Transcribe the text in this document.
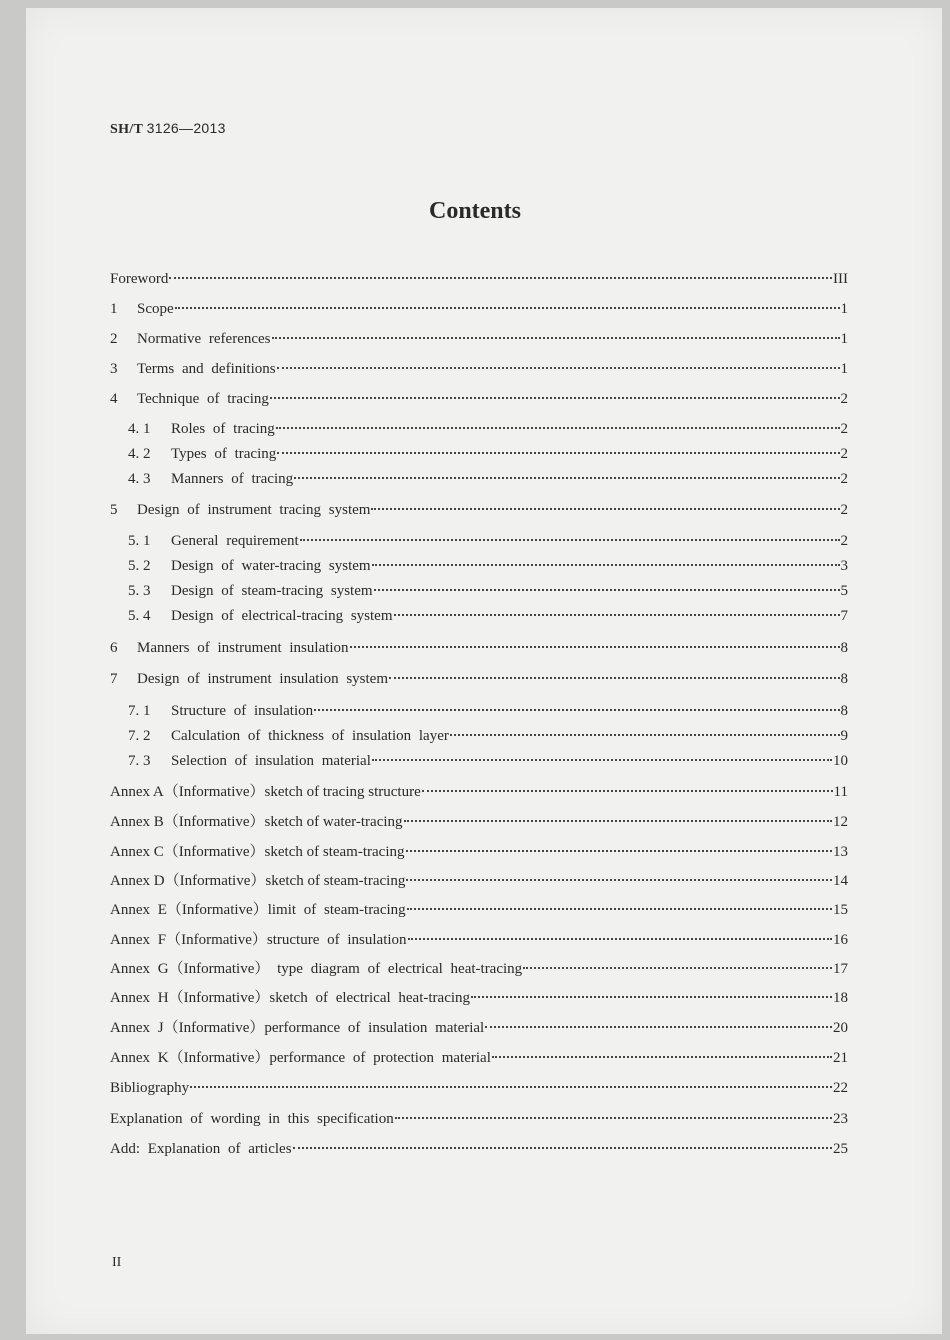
SH/T 3126—2013
Contents
Foreword	III
1	Scope	1
2	Normative references	1
3	Terms and definitions	1
4	Technique of tracing	2
4. 1	Roles of tracing	2
4. 2	Types of tracing	2
4. 3	Manners of tracing	2
5	Design of instrument tracing system	2
5. 1	General requirement	2
5. 2	Design of water-tracing system	3
5. 3	Design of steam-tracing system	5
5. 4	Design of electrical-tracing system	7
6	Manners of instrument insulation	8
7	Design of instrument insulation system	8
7. 1	Structure of insulation	8
7. 2	Calculation of thickness of insulation layer	9
7. 3	Selection of insulation material	10
Annex A（Informative）sketch of tracing structure	11
Annex B（Informative）sketch of water-tracing	12
Annex C（Informative）sketch of steam-tracing	13
Annex D（Informative）sketch of steam-tracing	14
Annex E（Informative）limit of steam-tracing	15
Annex F（Informative）structure of insulation	16
Annex G（Informative） type diagram of electrical heat-tracing	17
Annex H（Informative）sketch of electrical heat-tracing	18
Annex J（Informative）performance of insulation material	20
Annex K（Informative）performance of protection material	21
Bibliography	22
Explanation of wording in this specification	23
Add: Explanation of articles	25
II
